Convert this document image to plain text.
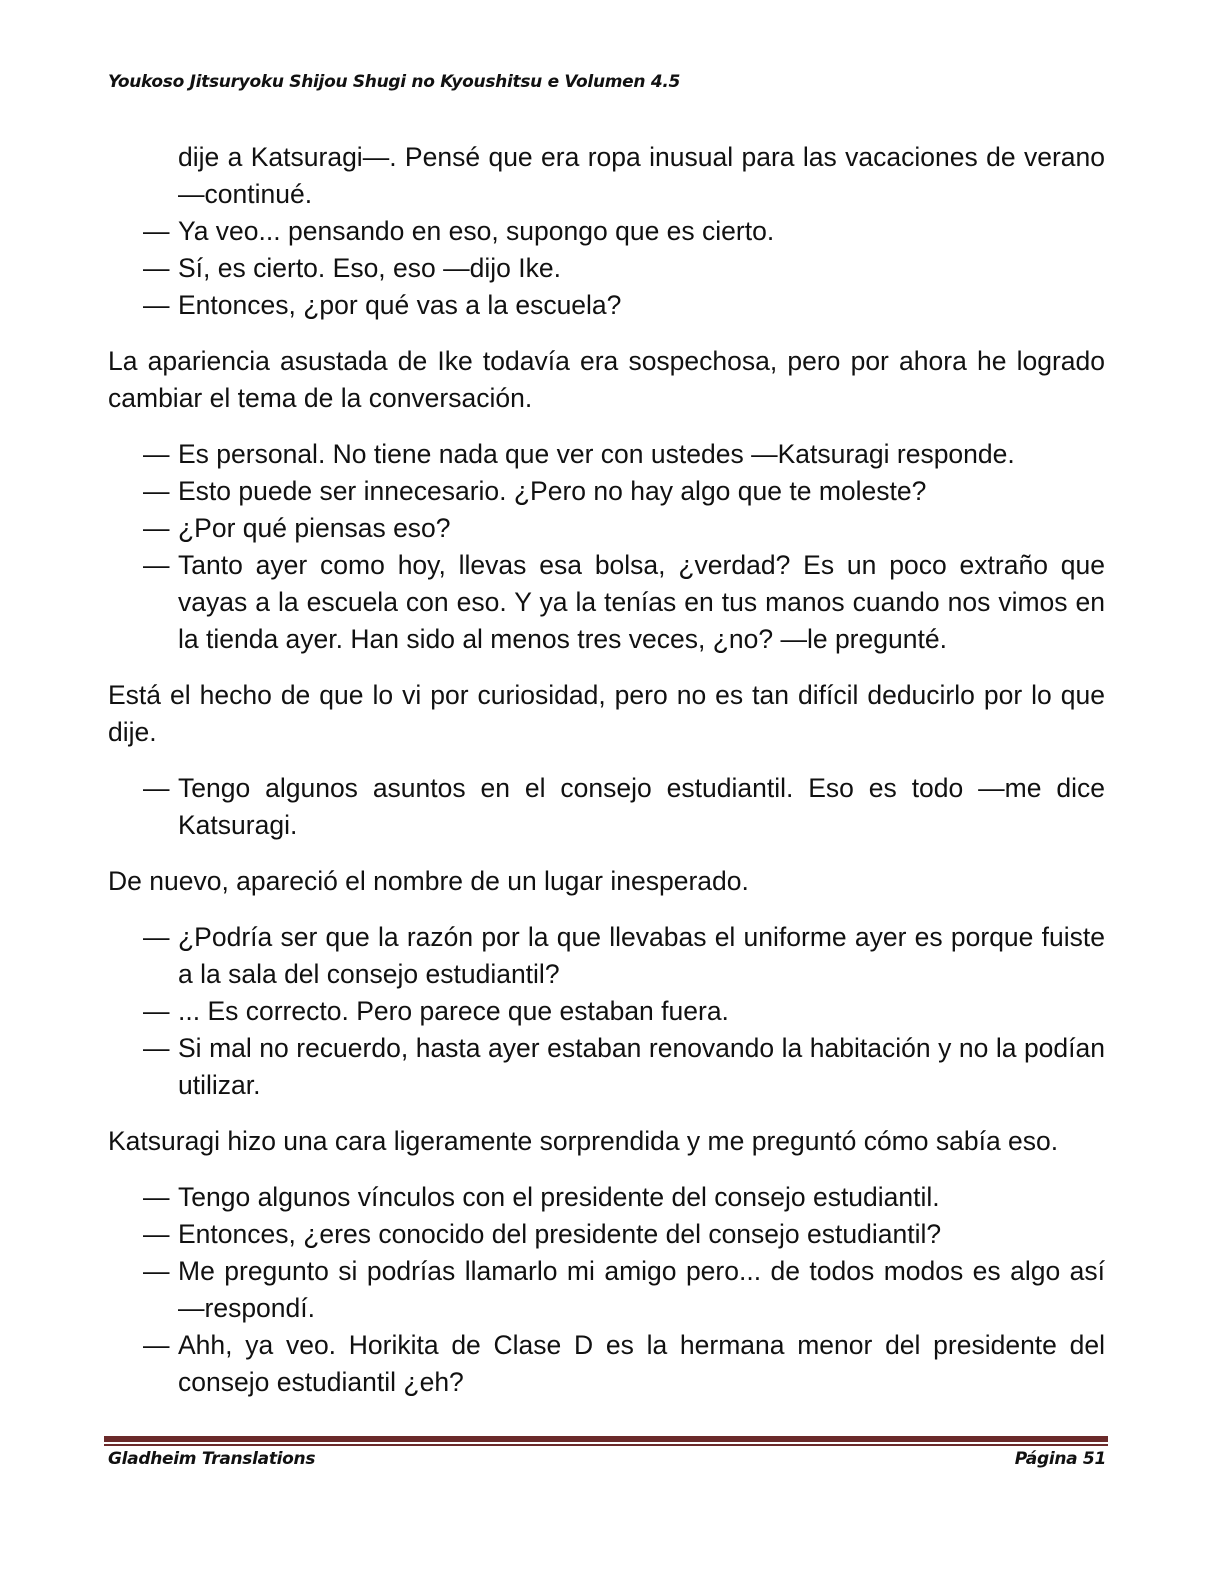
Youkoso Jitsuryoku Shijou Shugi no Kyoushitsu e Volumen 4.5
dije a Katsuragi—. Pensé que era ropa inusual para las vacaciones de verano —continué.
— Ya veo... pensando en eso, supongo que es cierto.
— Sí, es cierto. Eso, eso —dijo Ike.
— Entonces, ¿por qué vas a la escuela?
La apariencia asustada de Ike todavía era sospechosa, pero por ahora he logrado cambiar el tema de la conversación.
— Es personal. No tiene nada que ver con ustedes —Katsuragi responde.
— Esto puede ser innecesario. ¿Pero no hay algo que te moleste?
— ¿Por qué piensas eso?
— Tanto ayer como hoy, llevas esa bolsa, ¿verdad? Es un poco extraño que vayas a la escuela con eso. Y ya la tenías en tus manos cuando nos vimos en la tienda ayer. Han sido al menos tres veces, ¿no? —le pregunté.
Está el hecho de que lo vi por curiosidad, pero no es tan difícil deducirlo por lo que dije.
— Tengo algunos asuntos en el consejo estudiantil. Eso es todo —me dice Katsuragi.
De nuevo, apareció el nombre de un lugar inesperado.
— ¿Podría ser que la razón por la que llevabas el uniforme ayer es porque fuiste a la sala del consejo estudiantil?
— ... Es correcto. Pero parece que estaban fuera.
— Si mal no recuerdo, hasta ayer estaban renovando la habitación y no la podían utilizar.
Katsuragi hizo una cara ligeramente sorprendida y me preguntó cómo sabía eso.
— Tengo algunos vínculos con el presidente del consejo estudiantil.
— Entonces, ¿eres conocido del presidente del consejo estudiantil?
— Me pregunto si podrías llamarlo mi amigo pero... de todos modos es algo así —respondí.
— Ahh, ya veo. Horikita de Clase D es la hermana menor del presidente del consejo estudiantil ¿eh?
Gladheim Translations	Página 51
